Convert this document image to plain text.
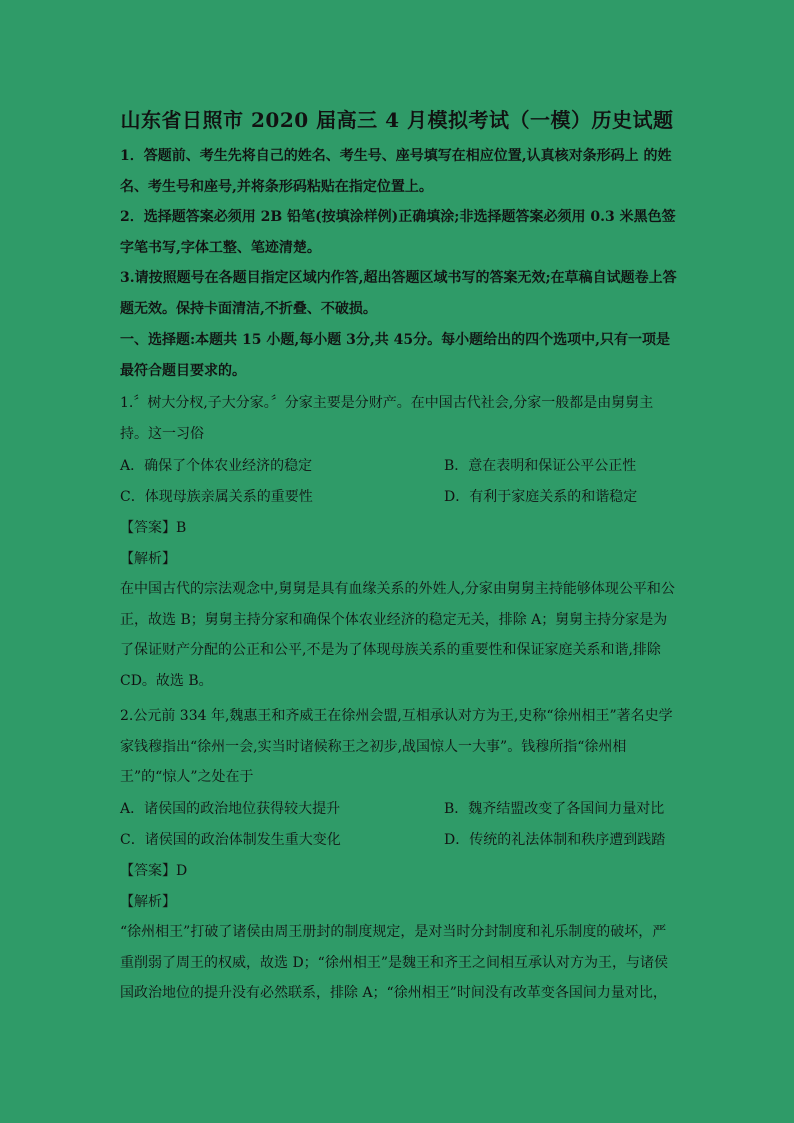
山东省日照市 2020 届高三 4 月模拟考试（一模）历史试题
1．答题前、考生先将自己的姓名、考生号、座号填写在相应位置,认真核对条形码上 的姓名、考生号和座号,并将条形码粘贴在指定位置上。
2．选择题答案必须用 2B 铅笔(按填涂样例)正确填涂;非选择题答案必须用 0.3 米黑色签字笔书写,字体工整、笔迹清楚。
3.请按照题号在各题目指定区域内作答,超出答题区域书写的答案无效;在草稿自试题卷上答题无效。保持卡面清洁,不折叠、不破损。
一、选择题:本题共 15 小题,每小题 3分,共 45分。每小题给出的四个选项中,只有一项是最符合题目要求的。
1.〞树大分杈,子大分家。〞分家主要是分财产。在中国古代社会,分家一般都是由舅舅主持。这一习俗
A．确保了个体农业经济的稳定	B．意在表明和保证公平公正性
C．体现母族亲属关系的重要性	D．有利于家庭关系的和谐稳定
【答案】B
【解析】
在中国古代的宗法观念中,舅舅是具有血缘关系的外姓人,分家由舅舅主持能够体现公平和公正，故选 B；舅舅主持分家和确保个体农业经济的稳定无关，排除 A；舅舅主持分家是为了保证财产分配的公正和公平,不是为了体现母族关系的重要性和保证家庭关系和谐,排除 CD。故选 B。
2.公元前 334 年,魏惠王和齐威王在徐州会盟,互相承认对方为王,史称“徐州相王”著名史学家钱穆指出“徐州一会,实当时诸候称王之初步,战国惊人一大事”。钱穆所指“徐州相王”的“惊人”之处在于
A．诸侯国的政治地位获得较大提升	B．魏齐结盟改变了各国间力量对比
C．诸侯国的政治体制发生重大变化	D．传统的礼法体制和秩序遭到践踏
【答案】D
【解析】
“徐州相王”打破了诸侯由周王册封的制度规定，是对当时分封制度和礼乐制度的破坏，严重削弱了周王的权威，故选 D；“徐州相王”是魏王和齐王之间相互承认对方为王，与诸侯国政治地位的提升没有必然联系，排除 A；“徐州相王”时间没有改革变各国间力量对比，
